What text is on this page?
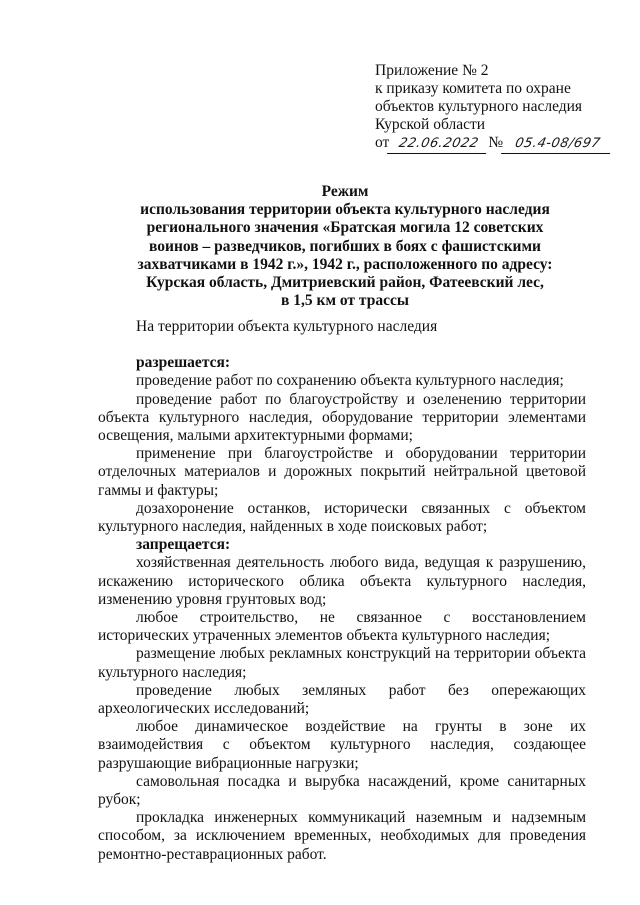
Приложение № 2
к приказу комитета по охране
объектов культурного наследия
Курской области
от 22.06.2022 № 05.4-08/697
Режим
использования территории объекта культурного наследия
регионального значения «Братская могила 12 советских
воинов – разведчиков, погибших в боях с фашистскими
захватчиками в 1942 г.», 1942 г., расположенного по адресу:
Курская область, Дмитриевский район, Фатеевский лес,
в 1,5 км от трассы

На территории объекта культурного наследия

разрешается:

проведение работ по сохранению объекта культурного наследия;

проведение работ по благоустройству и озеленению территории объекта культурного наследия, оборудование территории элементами освещения, малыми архитектурными формами;

применение при благоустройстве и оборудовании территории отделочных материалов и дорожных покрытий нейтральной цветовой гаммы и фактуры;

дозахоронение останков, исторически связанных с объектом культурного наследия, найденных в ходе поисковых работ;

запрещается:

хозяйственная деятельность любого вида, ведущая к разрушению, искажению исторического облика объекта культурного наследия, изменению уровня грунтовых вод;

любое строительство, не связанное с восстановлением исторических утраченных элементов объекта культурного наследия;

размещение любых рекламных конструкций на территории объекта культурного наследия;

проведение любых земляных работ без опережающих археологических исследований;

любое динамическое воздействие на грунты в зоне их взаимодействия с объектом культурного наследия, создающее разрушающие вибрационные нагрузки;

самовольная посадка и вырубка насаждений, кроме санитарных рубок;

прокладка инженерных коммуникаций наземным и надземным способом, за исключением временных, необходимых для проведения ремонтно-реставрационных работ.
